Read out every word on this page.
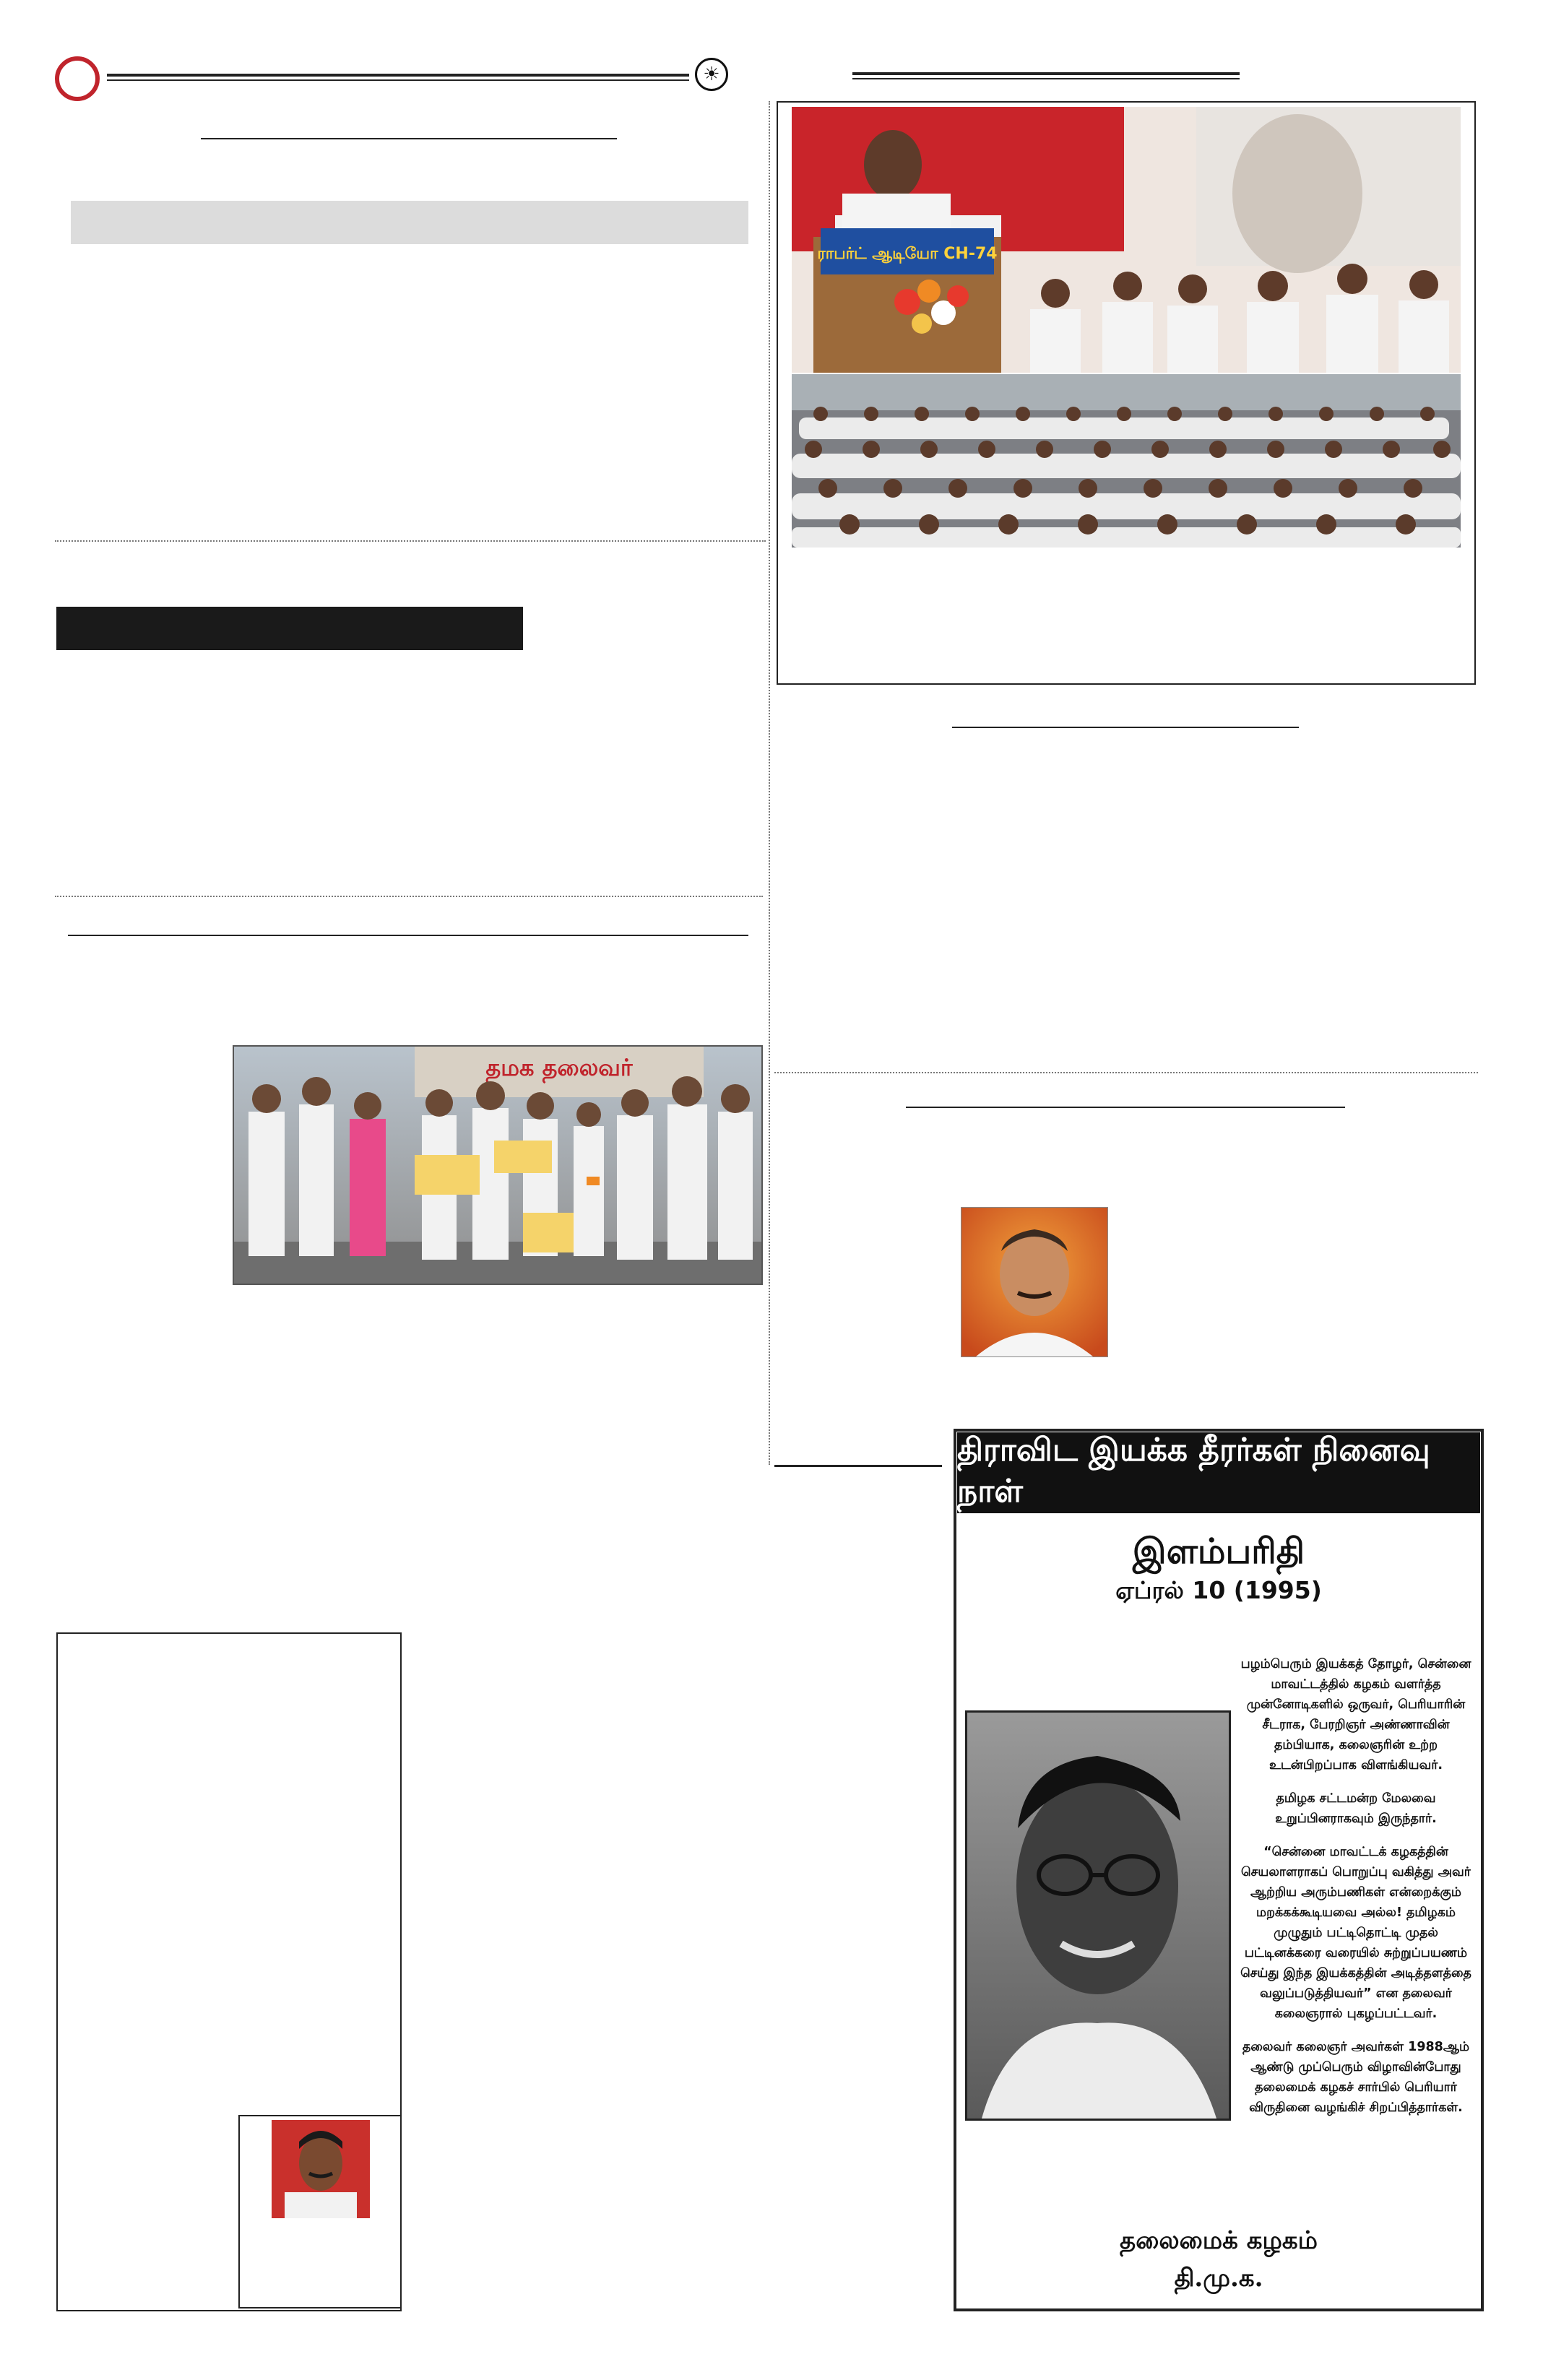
☀
தமக தலைவர்
ராபர்ட் ஆடியோ CH-74
திராவிட இயக்க தீரர்கள் நினைவு நாள்
இளம்பரிதி
ஏப்ரல் 10 (1995)

பழம்பெரும் இயக்கத் தோழர், சென்னை மாவட்டத்தில் கழகம் வளர்த்த முன்னோடிகளில் ஒருவர், பெரியாரின் சீடராக, பேரறிஞர் அண்ணாவின் தம்பியாக, கலைஞரின் உற்ற உடன்பிறப்பாக விளங்கியவர்.

தமிழக சட்டமன்ற மேலவை உறுப்பினராகவும் இருந்தார்.

“சென்னை மாவட்டக் கழகத்தின் செயலாளராகப் பொறுப்பு வகித்து அவர் ஆற்றிய அரும்பணிகள் என்றைக்கும் மறக்கக்கூடியவை அல்ல! தமிழகம் முழுதும் பட்டிதொட்டி முதல் பட்டினக்கரை வரையில் சுற்றுப்பயணம் செய்து இந்த இயக்கத்தின் அடித்தளத்தை வலுப்படுத்தியவர்” என தலைவர் கலைஞரால் புகழப்பட்டவர்.

தலைவர் கலைஞர் அவர்கள் 1988ஆம் ஆண்டு முப்பெரும் விழாவின்போது தலைமைக் கழகச் சார்பில் பெரியார் விருதினை வழங்கிச் சிறப்பித்தார்கள்.

தலைமைக் கழகம்
தி.மு.க.
